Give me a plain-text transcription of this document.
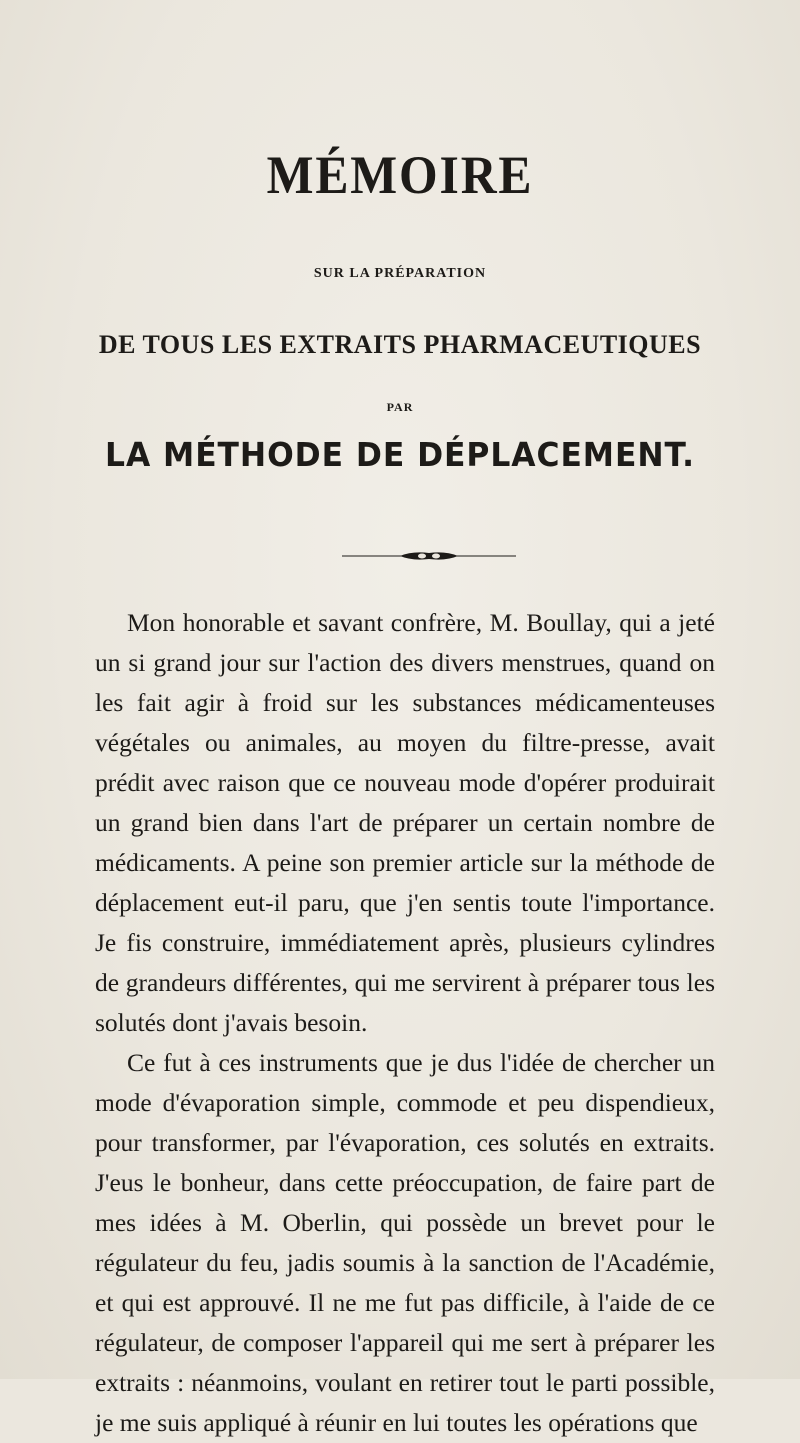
MÉMOIRE
SUR LA PRÉPARATION
DE TOUS LES EXTRAITS PHARMACEUTIQUES
PAR
LA MÉTHODE DE DÉPLACEMENT.

Mon honorable et savant confrère, M. Boullay, qui a jeté un si grand jour sur l'action des divers menstrues, quand on les fait agir à froid sur les substances médicamenteuses végétales ou animales, au moyen du filtre-presse, avait prédit avec raison que ce nouveau mode d'opérer produirait un grand bien dans l'art de préparer un certain nombre de médicaments. A peine son premier article sur la méthode de déplacement eut-il paru, que j'en sentis toute l'importance. Je fis construire, immédiatement après, plusieurs cylindres de grandeurs différentes, qui me servirent à préparer tous les solutés dont j'avais besoin.

Ce fut à ces instruments que je dus l'idée de chercher un mode d'évaporation simple, commode et peu dispendieux, pour transformer, par l'évaporation, ces solutés en extraits. J'eus le bonheur, dans cette préoccupation, de faire part de mes idées à M. Oberlin, qui possède un brevet pour le régulateur du feu, jadis soumis à la sanction de l'Académie, et qui est approuvé. Il ne me fut pas difficile, à l'aide de ce régulateur, de composer l'appareil qui me sert à préparer les extraits : néanmoins, voulant en retirer tout le parti possible, je me suis appliqué à réunir en lui toutes les opérations que
